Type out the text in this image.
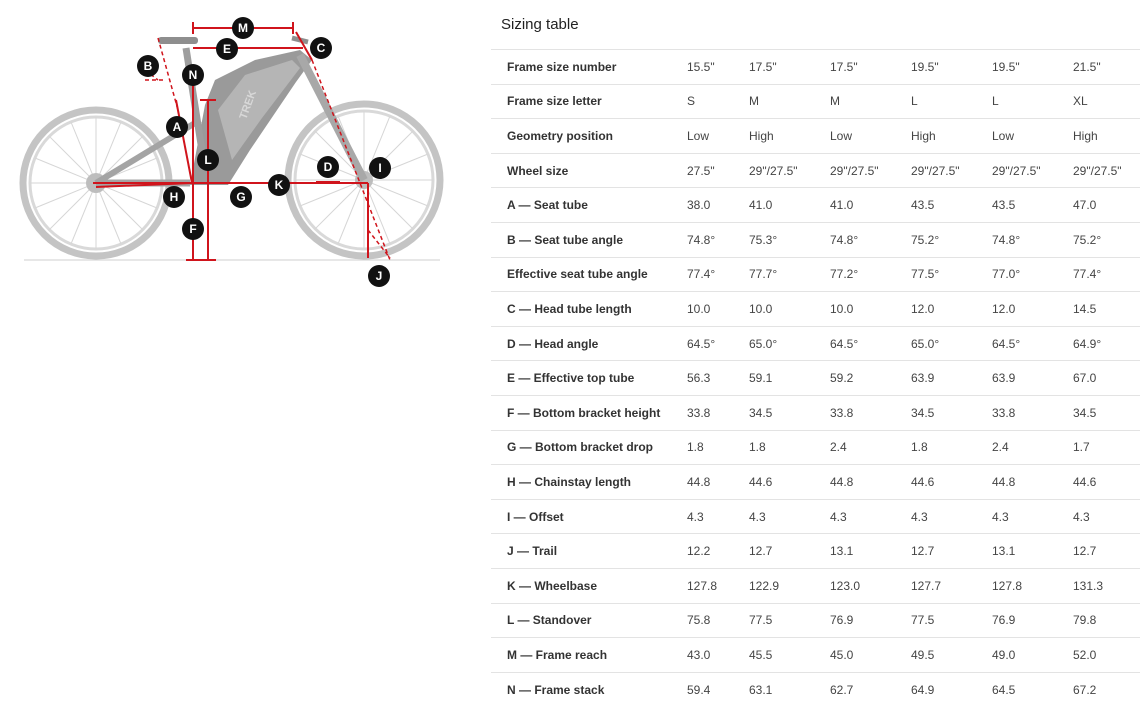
TREK
M
E	C
B
N
A
L	D	I
H	G
K
F
J
Sizing table
Frame size number	15.5"	17.5"	17.5"	19.5"	19.5"	21.5"
Frame size letter	S	M	M	L	L	XL
Geometry position	Low	High	Low	High	Low	High
Wheel size	27.5"	29"/27.5"	29"/27.5"	29"/27.5"	29"/27.5"	29"/27.5"
A — Seat tube	38.0	41.0	41.0	43.5	43.5	47.0
B — Seat tube angle	74.8°	75.3°	74.8°	75.2°	74.8°	75.2°
Effective seat tube angle	77.4°	77.7°	77.2°	77.5°	77.0°	77.4°
C — Head tube length	10.0	10.0	10.0	12.0	12.0	14.5
D — Head angle	64.5°	65.0°	64.5°	65.0°	64.5°	64.9°
E — Effective top tube	56.3	59.1	59.2	63.9	63.9	67.0
F — Bottom bracket height	33.8	34.5	33.8	34.5	33.8	34.5
G — Bottom bracket drop	1.8	1.8	2.4	1.8	2.4	1.7
H — Chainstay length	44.8	44.6	44.8	44.6	44.8	44.6
I — Offset	4.3	4.3	4.3	4.3	4.3	4.3
J — Trail	12.2	12.7	13.1	12.7	13.1	12.7
K — Wheelbase	127.8	122.9	123.0	127.7	127.8	131.3
L — Standover	75.8	77.5	76.9	77.5	76.9	79.8
M — Frame reach	43.0	45.5	45.0	49.5	49.0	52.0
N — Frame stack	59.4	63.1	62.7	64.9	64.5	67.2
